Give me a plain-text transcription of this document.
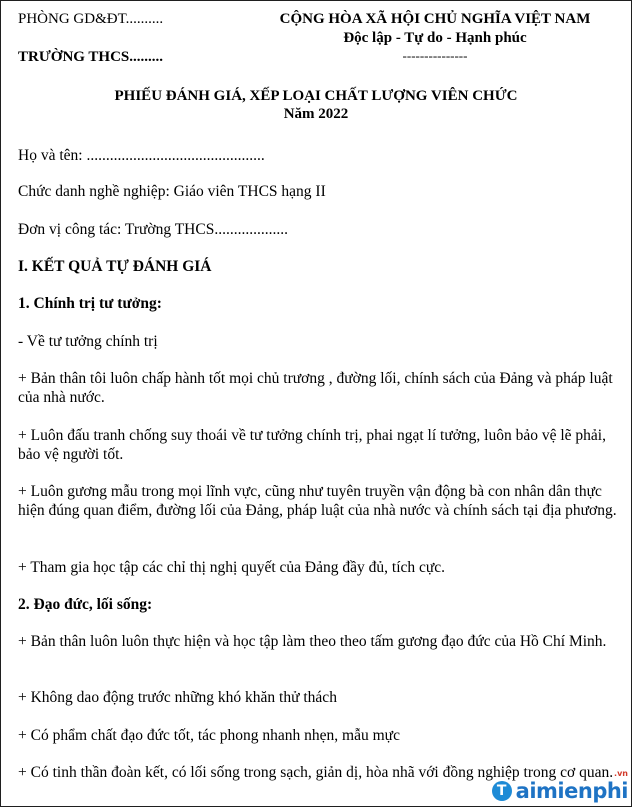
PHÒNG GD&ĐT..........
TRƯỜNG THCS.........
CỘNG HÒA XÃ HỘI CHỦ NGHĨA VIỆT NAM
Độc lập - Tự do - Hạnh phúc
---------------
PHIẾU ĐÁNH GIÁ, XẾP LOẠI CHẤT LƯỢNG VIÊN CHỨC
Năm 2022
Họ và tên: ..............................................
Chức danh nghề nghiệp: Giáo viên THCS hạng II
Đơn vị công tác: Trường THCS...................
I. KẾT QUẢ TỰ ĐÁNH GIÁ
1. Chính trị tư tưởng:
- Về tư tưởng chính trị
+ Bản thân tôi luôn chấp hành tốt mọi chủ trương , đường lối, chính sách của Đảng và pháp luật của nhà nước.
+ Luôn đấu tranh chống suy thoái về tư tưởng chính trị, phai ngạt lí tưởng, luôn bảo vệ lẽ phải, bảo vệ người tốt.
+ Luôn gương mẫu trong mọi lĩnh vực, cũng như tuyên truyền vận động bà con nhân dân thực hiện đúng quan điểm, đường lối của Đảng, pháp luật của nhà nước và chính sách tại địa phương.
+ Tham gia học tập các chỉ thị nghị quyết của Đảng đầy đủ, tích cực.
2. Đạo đức, lối sống:
+ Bản thân luôn luôn thực hiện và học tập làm theo theo tấm gương đạo đức của Hồ Chí Minh.
+ Không dao động trước những khó khăn thử thách
+ Có phẩm chất đạo đức tốt, tác phong nhanh nhẹn, mẫu mực
+ Có tinh thần đoàn kết, có lối sống trong sạch, giản dị, hòa nhã với đồng nghiệp trong cơ quan. .vn
T aimienphi
